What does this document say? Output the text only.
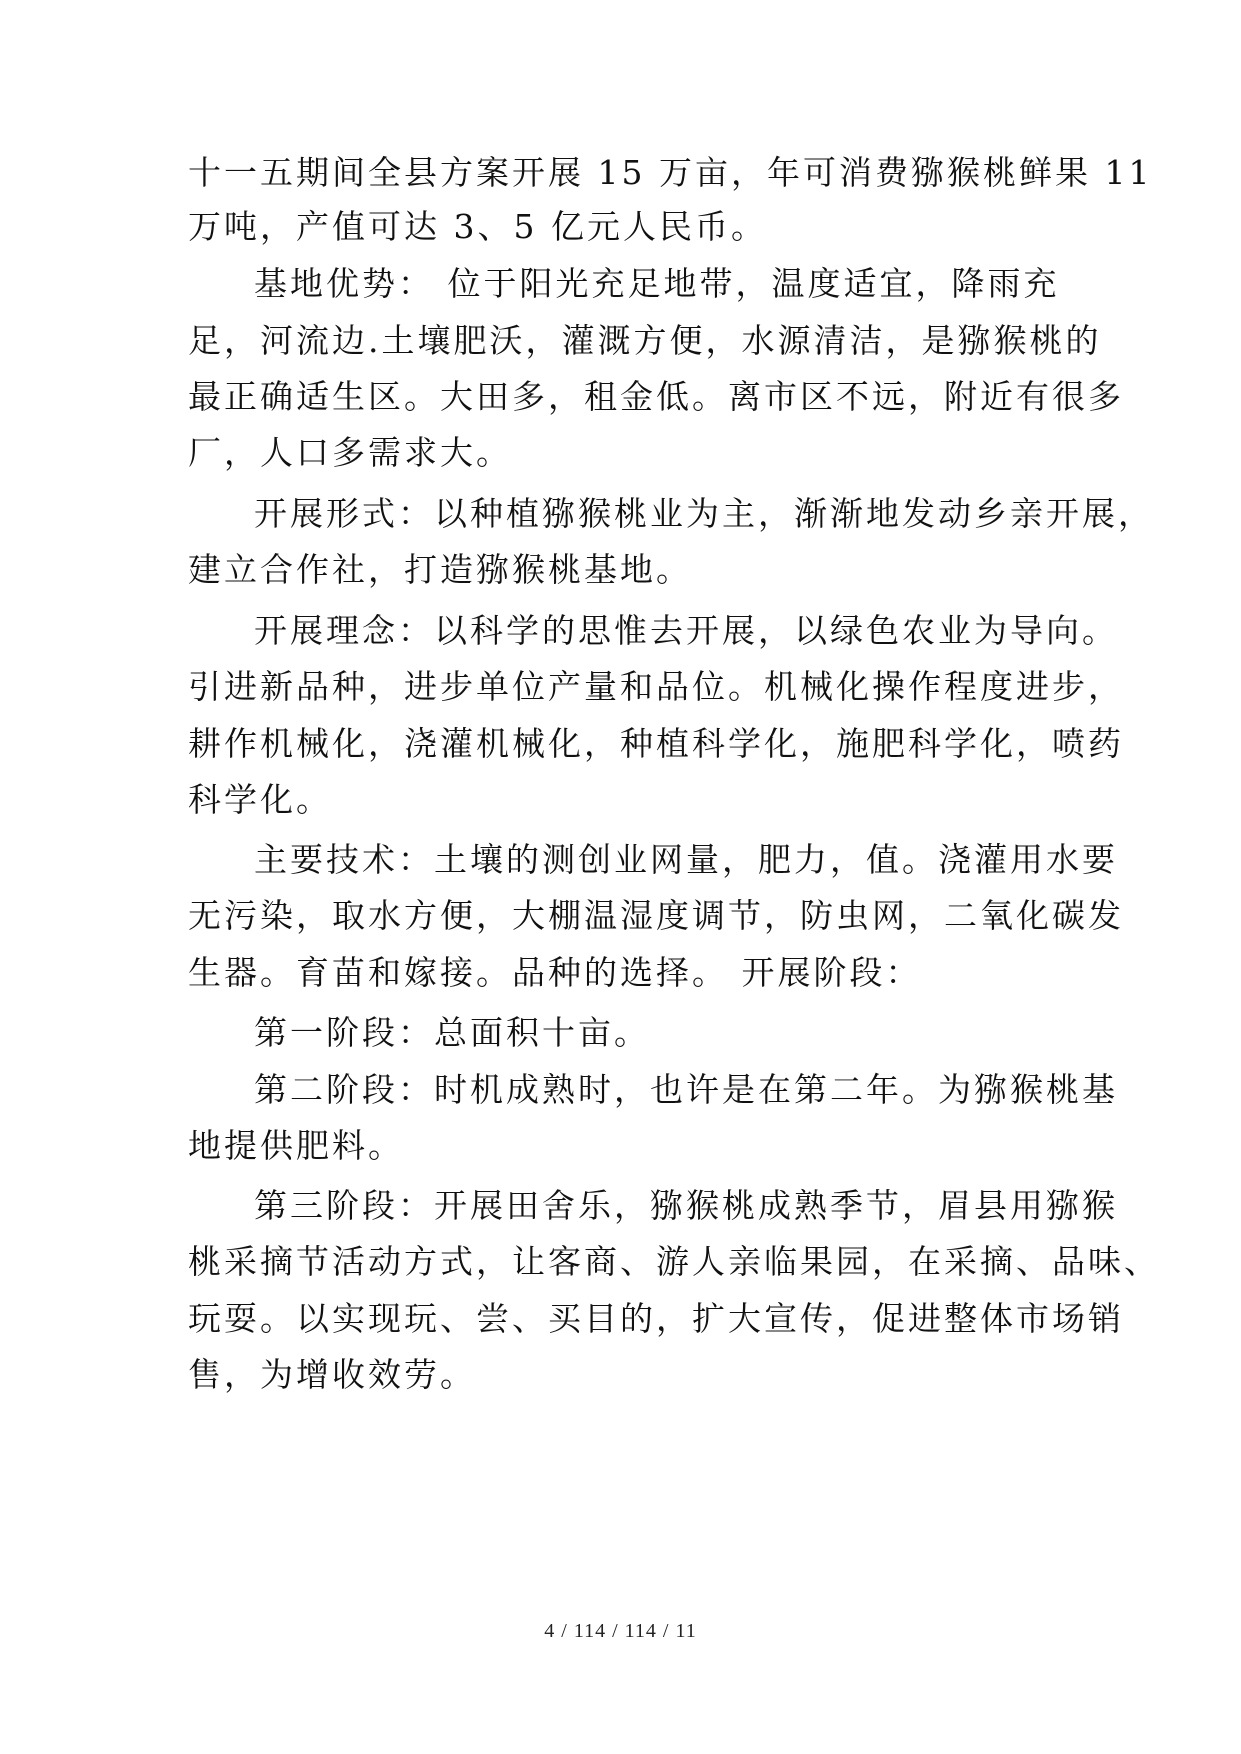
十一五期间全县方案开展 15 万亩，年可消费猕猴桃鲜果 11
万吨，产值可达 3、5 亿元人民币。
基地优势： 位于阳光充足地带，温度适宜，降雨充
足，河流边.土壤肥沃，灌溉方便，水源清洁，是猕猴桃的
最正确适生区。大田多，租金低。离市区不远，附近有很多
厂，人口多需求大。
开展形式：以种植猕猴桃业为主，渐渐地发动乡亲开展，
建立合作社，打造猕猴桃基地。
开展理念：以科学的思惟去开展，以绿色农业为导向。
引进新品种，进步单位产量和品位。机械化操作程度进步，
耕作机械化，浇灌机械化，种植科学化，施肥科学化，喷药
科学化。
主要技术：土壤的测创业网量，肥力，值。浇灌用水要
无污染，取水方便，大棚温湿度调节，防虫网，二氧化碳发
生器。育苗和嫁接。品种的选择。 开展阶段：
第一阶段：总面积十亩。
第二阶段：时机成熟时，也许是在第二年。为猕猴桃基
地提供肥料。
第三阶段：开展田舍乐，猕猴桃成熟季节，眉县用猕猴
桃采摘节活动方式，让客商、游人亲临果园，在采摘、品味、
玩耍。以实现玩、尝、买目的，扩大宣传，促进整体市场销
售，为增收效劳。
4 / 114 / 114 / 11
